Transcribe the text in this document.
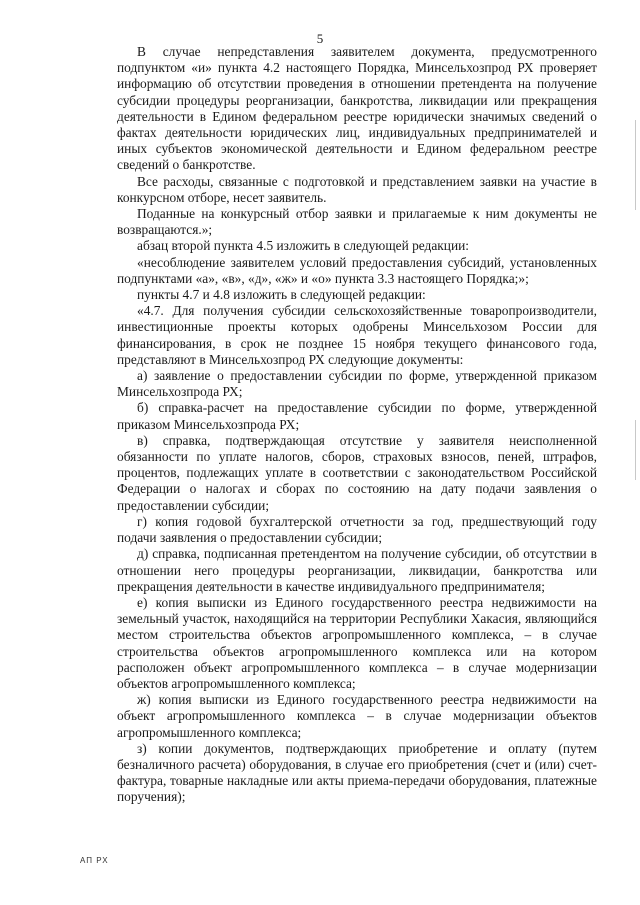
5

В случае непредставления заявителем документа, предусмотренного подпунктом «и» пункта 4.2 настоящего Порядка, Минсельхозпрод РХ проверяет информацию об отсутствии проведения в отношении претендента на получение субсидии процедуры реорганизации, банкротства, ликвидации или прекращения деятельности в Едином федеральном реестре юридически значимых сведений о фактах деятельности юридических лиц, индивидуальных предпринимателей и иных субъектов экономической деятельности и Едином федеральном реестре сведений о банкротстве.

Все расходы, связанные с подготовкой и представлением заявки на участие в конкурсном отборе, несет заявитель.

Поданные на конкурсный отбор заявки и прилагаемые к ним документы не возвращаются.»;

абзац второй пункта 4.5 изложить в следующей редакции:

«несоблюдение заявителем условий предоставления субсидий, установленных подпунктами «а», «в», «д», «ж» и «о» пункта 3.3 настоящего Порядка;»;

пункты 4.7 и 4.8 изложить в следующей редакции:

«4.7. Для получения субсидии сельскохозяйственные товаропроизводители, инвестиционные проекты которых одобрены Минсельхозом России для финансирования, в срок не позднее 15 ноября текущего финансового года, представляют в Минсельхозпрод РХ следующие документы:

а) заявление о предоставлении субсидии по форме, утвержденной приказом Минсельхозпрода РХ;

б) справка-расчет на предоставление субсидии по форме, утвержденной приказом Минсельхозпрода РХ;

в) справка, подтверждающая отсутствие у заявителя неисполненной обязанности по уплате налогов, сборов, страховых взносов, пеней, штрафов, процентов, подлежащих уплате в соответствии с законодательством Российской Федерации о налогах и сборах по состоянию на дату подачи заявления о предоставлении субсидии;

г) копия годовой бухгалтерской отчетности за год, предшествующий году подачи заявления о предоставлении субсидии;

д) справка, подписанная претендентом на получение субсидии, об отсутствии в отношении него процедуры реорганизации, ликвидации, банкротства или прекращения деятельности в качестве индивидуального предпринимателя;

е) копия выписки из Единого государственного реестра недвижимости на земельный участок, находящийся на территории Республики Хакасия, являющийся местом строительства объектов агропромышленного комплекса, – в случае строительства объектов агропромышленного комплекса или на котором расположен объект агропромышленного комплекса – в случае модернизации объектов агропромышленного комплекса;

ж) копия выписки из Единого государственного реестра недвижимости на объект агропромышленного комплекса – в случае модернизации объектов агропромышленного комплекса;

з) копии документов, подтверждающих приобретение и оплату (путем безналичного расчета) оборудования, в случае его приобретения (счет и (или) счет-фактура, товарные накладные или акты приема-передачи оборудования, платежные поручения);

АП РХ
